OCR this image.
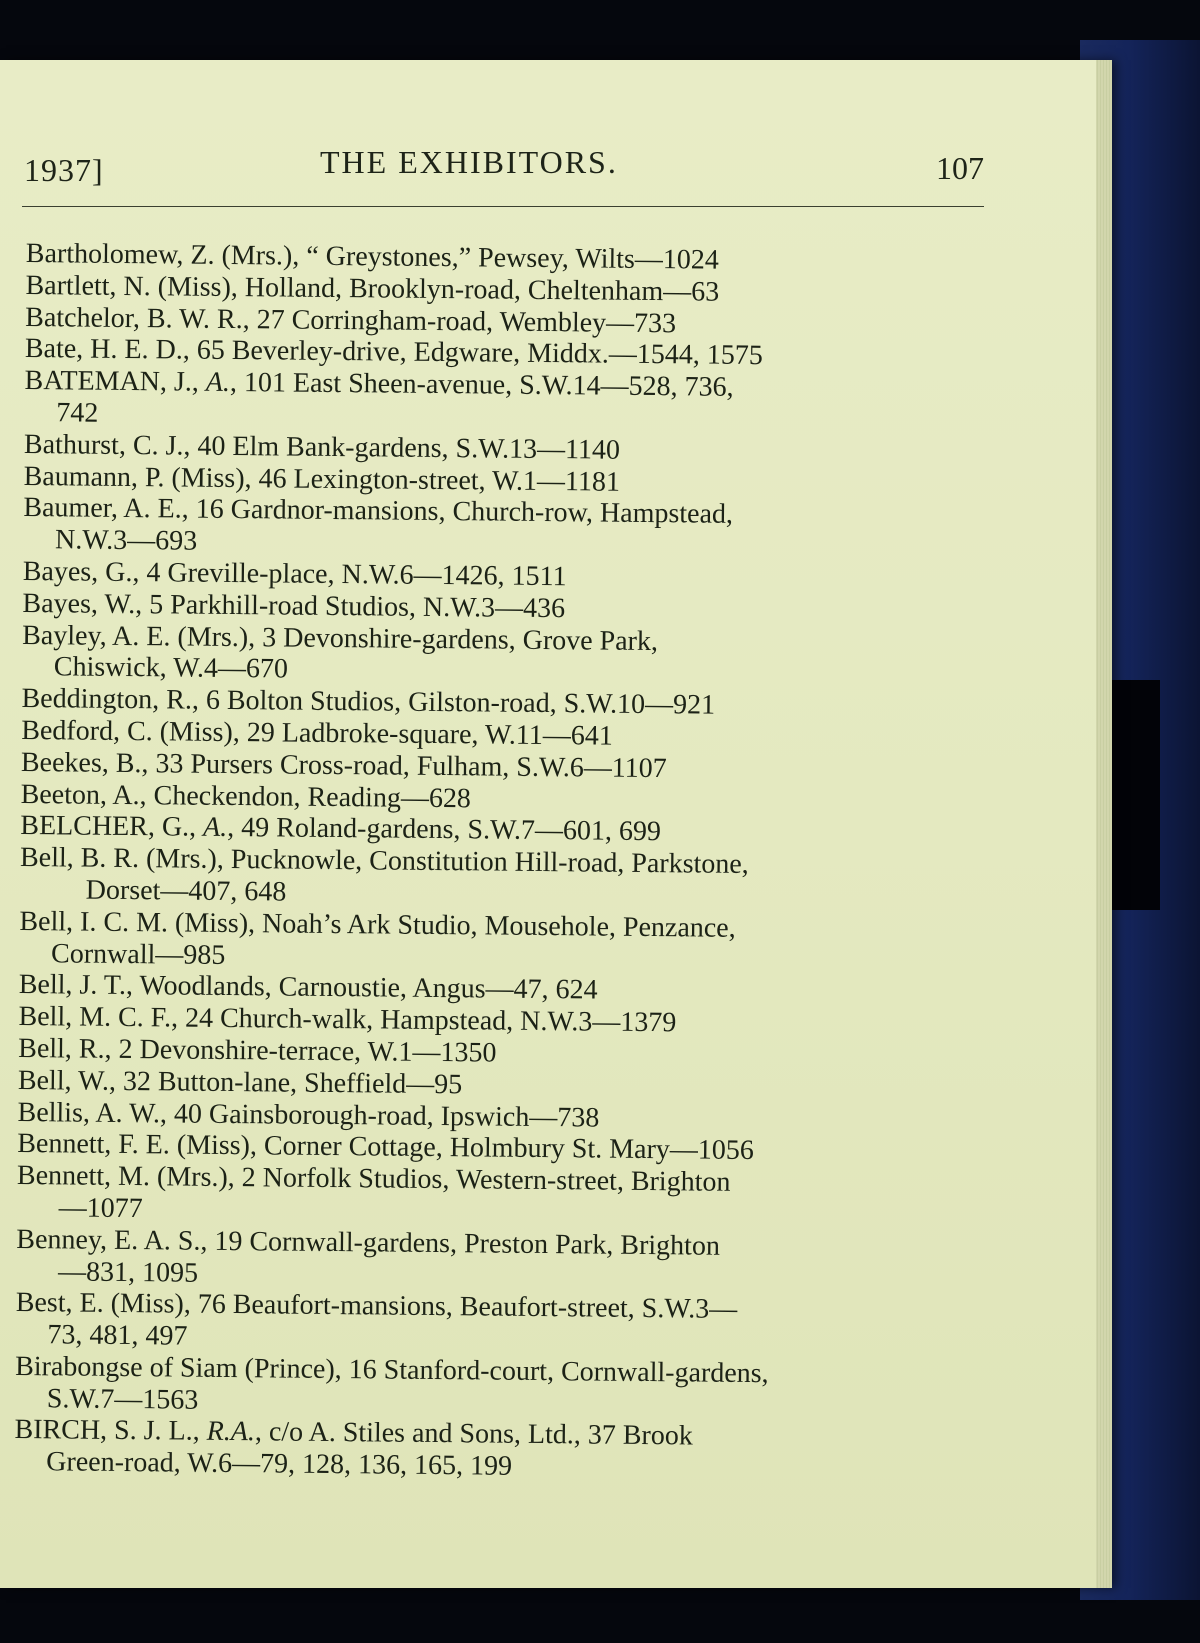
1937]	THE EXHIBITORS.	107
Bartholomew, Z. (Mrs.), “ Greystones,” Pewsey, Wilts—1024
Bartlett, N. (Miss), Holland, Brooklyn-road, Cheltenham—63
Batchelor, B. W. R., 27 Corringham-road, Wembley—733
Bate, H. E. D., 65 Beverley-drive, Edgware, Middx.—1544, 1575
BATEMAN, J., A., 101 East Sheen-avenue, S.W.14—528, 736,
742
Bathurst, C. J., 40 Elm Bank-gardens, S.W.13—1140
Baumann, P. (Miss), 46 Lexington-street, W.1—1181
Baumer, A. E., 16 Gardnor-mansions, Church-row, Hampstead,
N.W.3—693
Bayes, G., 4 Greville-place, N.W.6—1426, 1511
Bayes, W., 5 Parkhill-road Studios, N.W.3—436
Bayley, A. E. (Mrs.), 3 Devonshire-gardens, Grove Park,
Chiswick, W.4—670
Beddington, R., 6 Bolton Studios, Gilston-road, S.W.10—921
Bedford, C. (Miss), 29 Ladbroke-square, W.11—641
Beekes, B., 33 Pursers Cross-road, Fulham, S.W.6—1107
Beeton, A., Checkendon, Reading—628
BELCHER, G., A., 49 Roland-gardens, S.W.7—601, 699
Bell, B. R. (Mrs.), Pucknowle, Constitution Hill-road, Parkstone,
Dorset—407, 648
Bell, I. C. M. (Miss), Noah’s Ark Studio, Mousehole, Penzance,
Cornwall—985
Bell, J. T., Woodlands, Carnoustie, Angus—47, 624
Bell, M. C. F., 24 Church-walk, Hampstead, N.W.3—1379
Bell, R., 2 Devonshire-terrace, W.1—1350
Bell, W., 32 Button-lane, Sheffield—95
Bellis, A. W., 40 Gainsborough-road, Ipswich—738
Bennett, F. E. (Miss), Corner Cottage, Holmbury St. Mary—1056
Bennett, M. (Mrs.), 2 Norfolk Studios, Western-street, Brighton
—1077
Benney, E. A. S., 19 Cornwall-gardens, Preston Park, Brighton
—831, 1095
Best, E. (Miss), 76 Beaufort-mansions, Beaufort-street, S.W.3—
73, 481, 497
Birabongse of Siam (Prince), 16 Stanford-court, Cornwall-gardens,
S.W.7—1563
BIRCH, S. J. L., R.A., c/o A. Stiles and Sons, Ltd., 37 Brook
Green-road, W.6—79, 128, 136, 165, 199
